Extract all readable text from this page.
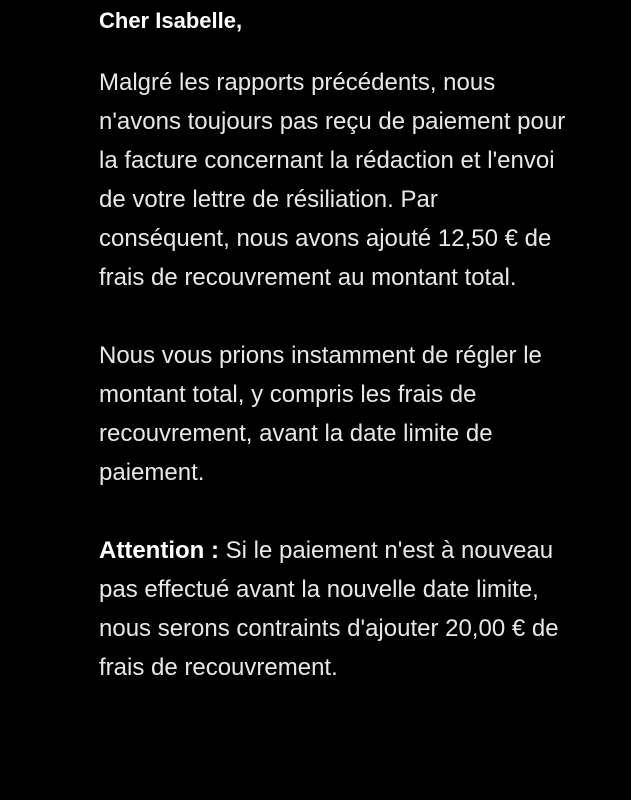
Cher Isabelle,

Malgré les rapports précédents, nous n'avons toujours pas reçu de paiement pour la facture concernant la rédaction et l'envoi de votre lettre de résiliation. Par conséquent, nous avons ajouté 12,50 € de frais de recouvrement au montant total.

Nous vous prions instamment de régler le montant total, y compris les frais de recouvrement, avant la date limite de paiement.

Attention : Si le paiement n'est à nouveau pas effectué avant la nouvelle date limite, nous serons contraints d'ajouter 20,00 € de frais de recouvrement.
